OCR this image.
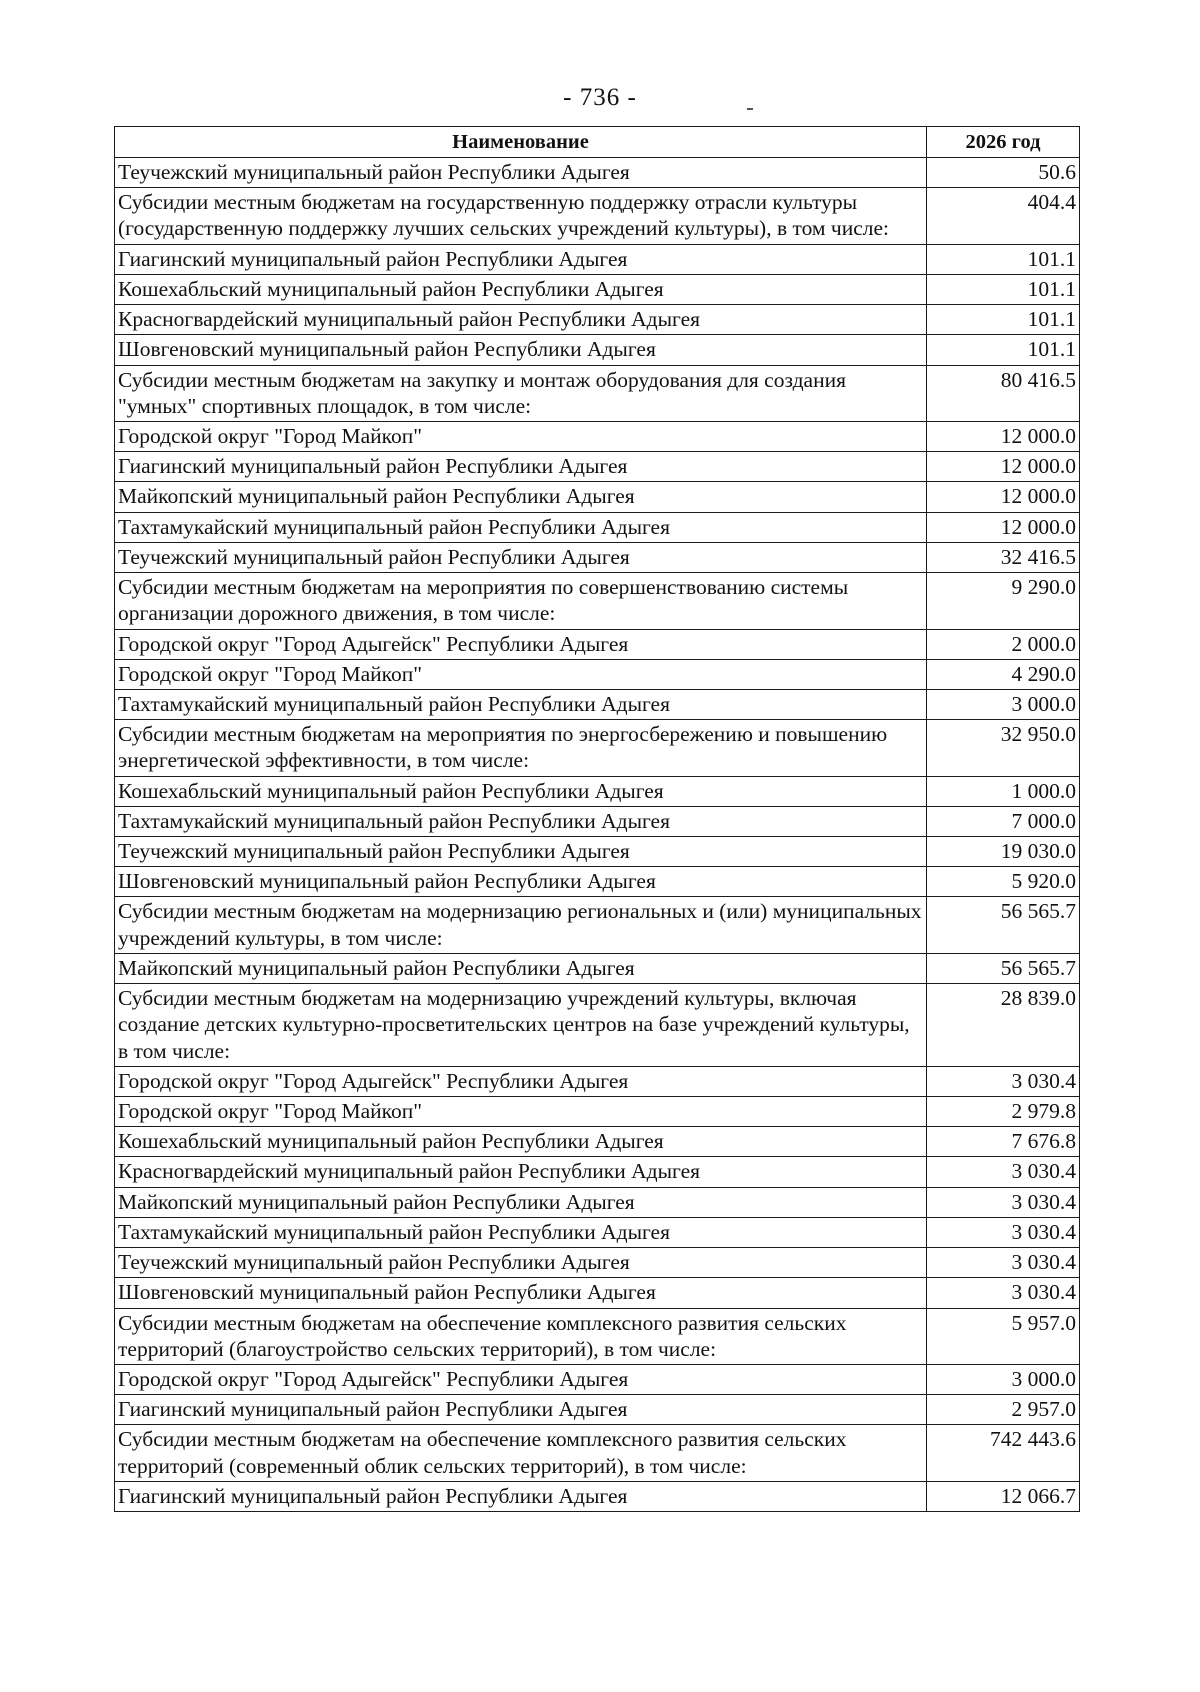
- 736 -
Наименование	2026 год
Теучежский муниципальный район Республики Адыгея	50.6
Субсидии местным бюджетам на государственную поддержку отрасли культуры (государственную поддержку лучших сельских учреждений культуры), в том числе:	404.4
Гиагинский муниципальный район Республики Адыгея	101.1
Кошехабльский муниципальный район Республики Адыгея	101.1
Красногвардейский муниципальный район Республики Адыгея	101.1
Шовгеновский муниципальный район Республики Адыгея	101.1
Субсидии местным бюджетам на закупку и монтаж оборудования для создания "умных" спортивных площадок, в том числе:	80 416.5
Городской округ "Город Майкоп"	12 000.0
Гиагинский муниципальный район Республики Адыгея	12 000.0
Майкопский муниципальный район Республики Адыгея	12 000.0
Тахтамукайский муниципальный район Республики Адыгея	12 000.0
Теучежский муниципальный район Республики Адыгея	32 416.5
Субсидии местным бюджетам на мероприятия по совершенствованию системы организации дорожного движения, в том числе:	9 290.0
Городской округ "Город Адыгейск" Республики Адыгея	2 000.0
Городской округ "Город Майкоп"	4 290.0
Тахтамукайский муниципальный район Республики Адыгея	3 000.0
Субсидии местным бюджетам на мероприятия по энергосбережению и повышению энергетической эффективности, в том числе:	32 950.0
Кошехабльский муниципальный район Республики Адыгея	1 000.0
Тахтамукайский муниципальный район Республики Адыгея	7 000.0
Теучежский муниципальный район Республики Адыгея	19 030.0
Шовгеновский муниципальный район Республики Адыгея	5 920.0
Субсидии местным бюджетам на модернизацию региональных и (или) муниципальных учреждений культуры, в том числе:	56 565.7
Майкопский муниципальный район Республики Адыгея	56 565.7
Субсидии местным бюджетам на модернизацию учреждений культуры, включая создание детских культурно-просветительских центров на базе учреждений культуры, в том числе:	28 839.0
Городской округ "Город Адыгейск" Республики Адыгея	3 030.4
Городской округ "Город Майкоп"	2 979.8
Кошехабльский муниципальный район Республики Адыгея	7 676.8
Красногвардейский муниципальный район Республики Адыгея	3 030.4
Майкопский муниципальный район Республики Адыгея	3 030.4
Тахтамукайский муниципальный район Республики Адыгея	3 030.4
Теучежский муниципальный район Республики Адыгея	3 030.4
Шовгеновский муниципальный район Республики Адыгея	3 030.4
Субсидии местным бюджетам на обеспечение комплексного развития сельских территорий (благоустройство сельских территорий), в том числе:	5 957.0
Городской округ "Город Адыгейск" Республики Адыгея	3 000.0
Гиагинский муниципальный район Республики Адыгея	2 957.0
Субсидии местным бюджетам на обеспечение комплексного развития сельских территорий (современный облик сельских территорий), в том числе:	742 443.6
Гиагинский муниципальный район Республики Адыгея	12 066.7
